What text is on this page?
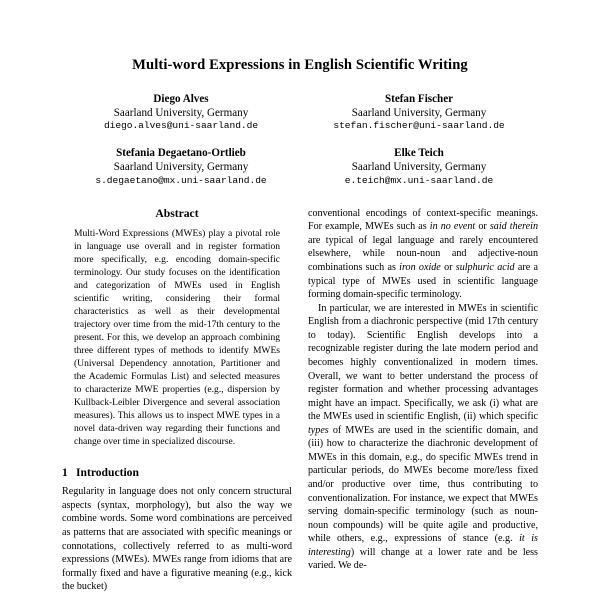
Multi-word Expressions in English Scientific Writing
Diego Alves
Saarland University, Germany
diego.alves@uni-saarland.de
Stefan Fischer
Saarland University, Germany
stefan.fischer@uni-saarland.de
Stefania Degaetano-Ortlieb
Saarland University, Germany
s.degaetano@mx.uni-saarland.de
Elke Teich
Saarland University, Germany
e.teich@mx.uni-saarland.de
Abstract

Multi-Word Expressions (MWEs) play a pivotal role in language use overall and in register formation more specifically, e.g. encoding domain-specific terminology. Our study focuses on the identification and categorization of MWEs used in English scientific writing, considering their formal characteristics as well as their developmental trajectory over time from the mid-17th century to the present. For this, we develop an approach combining three different types of methods to identify MWEs (Universal Dependency annotation, Partitioner and the Academic Formulas List) and selected measures to characterize MWE properties (e.g., dispersion by Kullback-Leibler Divergence and several association measures). This allows us to inspect MWE types in a novel data-driven way regarding their functions and change over time in specialized discourse.

1 Introduction

Regularity in language does not only concern structural aspects (syntax, morphology), but also the way we combine words. Some word combinations are perceived as patterns that are associated with specific meanings or connotations, collectively referred to as multi-word expressions (MWEs). MWEs range from idioms that are formally fixed and have a figurative meaning (e.g., kick the bucket)

conventional encodings of context-specific meanings. For example, MWEs such as in no event or said therein are typical of legal language and rarely encountered elsewhere, while noun-noun and adjective-noun combinations such as iron oxide or sulphuric acid are a typical type of MWEs used in scientific language forming domain-specific terminology.

In particular, we are interested in MWEs in scientific English from a diachronic perspective (mid 17th century to today). Scientific English develops into a recognizable register during the late modern period and becomes highly conventionalized in modern times. Overall, we want to better understand the process of register formation and whether processing advantages might have an impact. Specifically, we ask (i) what are the MWEs used in scientific English, (ii) which specific types of MWEs are used in the scientific domain, and (iii) how to characterize the diachronic development of MWEs in this domain, e.g., do specific MWEs trend in particular periods, do MWEs become more/less fixed and/or productive over time, thus contributing to conventionalization. For instance, we expect that MWEs serving domain-specific terminology (such as noun-noun compounds) will be quite agile and productive, while others, e.g., expressions of stance (e.g. it is interesting) will change at a lower rate and be less varied. We de-
